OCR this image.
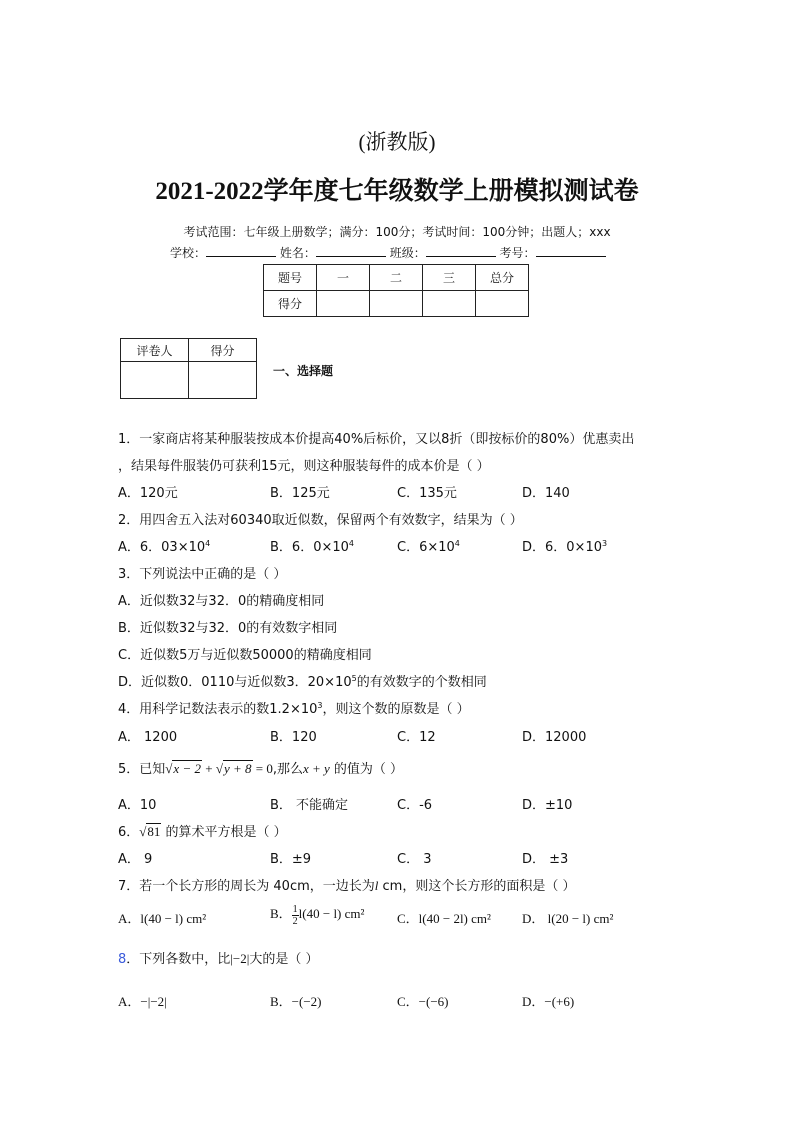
(浙教版)
2021-2022学年度七年级数学上册模拟测试卷
考试范围：七年级上册数学；满分：100分；考试时间：100分钟；出题人；xxx
学校：	姓名：	班级：	考号：
题号	一	二	三	总分
得分				
评卷人	得分

一、选择题
1．一家商店将某种服装按成本价提高40%后标价，又以8折（即按标价的80%）优惠卖出
，结果每件服装仍可获利15元，则这种服装每件的成本价是（ ）
A．120元	B．125元	C．135元	D．140
2．用四舍五入法对60340取近似数，保留两个有效数字，结果为（ ）
A．6．$03\times 10^4$	B．6．$0\times 10^4$	C．$6\times 10^4$	D．6．$0\times 10^3$
3．下列说法中正确的是（ ）
A．近似数32与32．0的精确度相同
B．近似数32与32．0的有效数字相同
C．近似数5万与近似数50000的精确度相同
D．近似数0．0110与近似数3．$20\times 10^5$的有效数字的个数相同
4．用科学记数法表示的数$1.2\times 10^3$，则这个数的原数是（ ）
A． 1200	B．120	C．12	D．12000
5．已知√x − 2 + √y + 8 = 0,那么x + y 的值为（ ）
A．10	B． 不能确定	C．-6	D．±10
6．√81 的算术平方根是（ ）
A． 9	B．±9	C． 3	D． ±3
7．若一个长方形的周长为 40cm，一边长为l cm，则这个长方形的面积是（ ）
A．l(40 − l) cm²	B． $\frac{1}{2} l(40 - l)$ cm²	C．l(40 − 2l) cm² D． l(20 − l) cm²
8．下列各数中，比|−2|大的是（ ）
A．−|−2|	B．−(−2)	C．−(−6)	D．−(+6)
